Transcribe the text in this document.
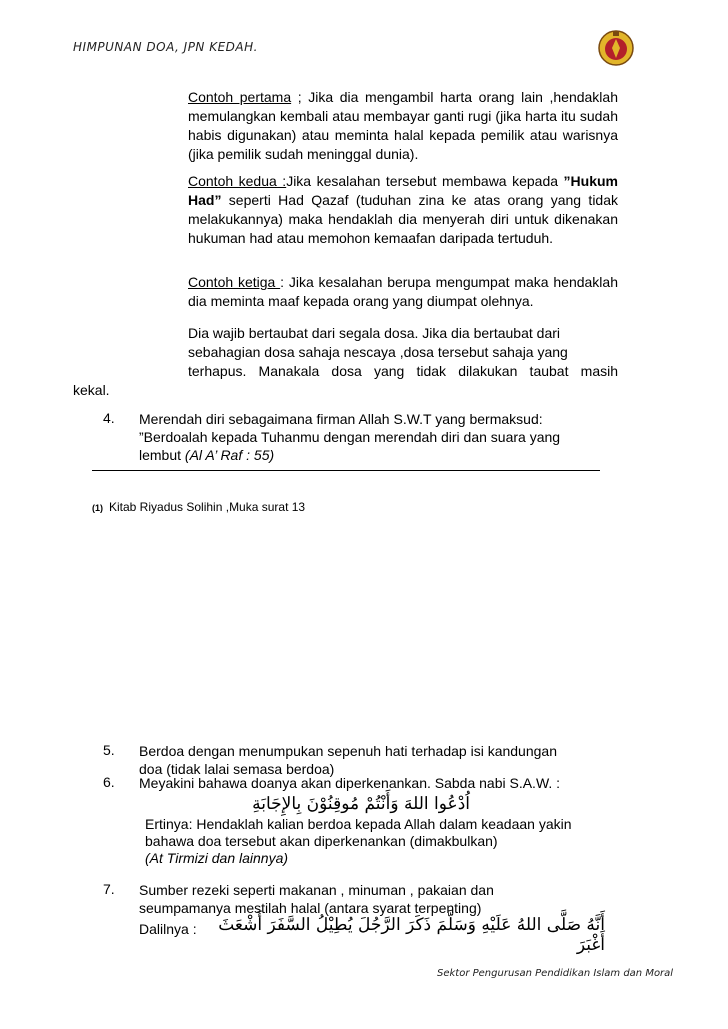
HIMPUNAN DOA, JPN KEDAH.
Contoh pertama ; Jika dia mengambil harta orang lain ,hendaklah memulangkan kembali atau membayar ganti rugi (jika harta itu sudah habis digunakan) atau meminta halal kepada pemilik atau warisnya (jika pemilik sudah meninggal dunia).
Contoh kedua :Jika kesalahan tersebut membawa kepada ”Hukum Had” seperti Had Qazaf (tuduhan zina ke atas orang yang tidak melakukannya) maka hendaklah dia menyerah diri untuk dikenakan hukuman had atau memohon kemaafan daripada tertuduh.
Contoh ketiga : Jika kesalahan berupa mengumpat maka hendaklah dia meminta maaf kepada orang yang diumpat olehnya.
Dia wajib bertaubat dari segala dosa. Jika dia bertaubat dari
sebahagian dosa sahaja nescaya ,dosa tersebut sahaja yang
terhapus. Manakala dosa yang tidak dilakukan taubat masih
kekal.
4.	Merendah diri sebagaimana firman Allah S.W.T yang bermaksud:
”Berdoalah kepada Tuhanmu dengan merendah diri dan suara yang
lembut (Al A’ Raf : 55)
(1) Kitab Riyadus Solihin ,Muka surat 13
5.	Berdoa dengan menumpukan sepenuh hati terhadap isi kandungan
doa (tidak lalai semasa berdoa)
6.	Meyakini bahawa doanya akan diperkenankan. Sabda nabi S.A.W. :
اُدْعُوا اللهَ وَأَنْتُمْ مُوقِنُوْنَ بِالإِجَابَةِ
Ertinya: Hendaklah kalian berdoa kepada Allah dalam keadaan yakin
bahawa doa tersebut akan diperkenankan (dimakbulkan)
(At Tirmizi dan lainnya)
7.	Sumber rezeki seperti makanan , minuman , pakaian dan
seumpamanya mestilah halal (antara syarat terpenting)
Dalilnya :	أَنَّهُ صَلَّى اللهُ عَلَيْهِ وَسَلَّمَ ذَكَرَ الرَّجُلَ يُطِيْلُ السَّفَرَ أَشْعَثَ أَغْبَرَ
Sektor Pengurusan Pendidikan Islam dan Moral
